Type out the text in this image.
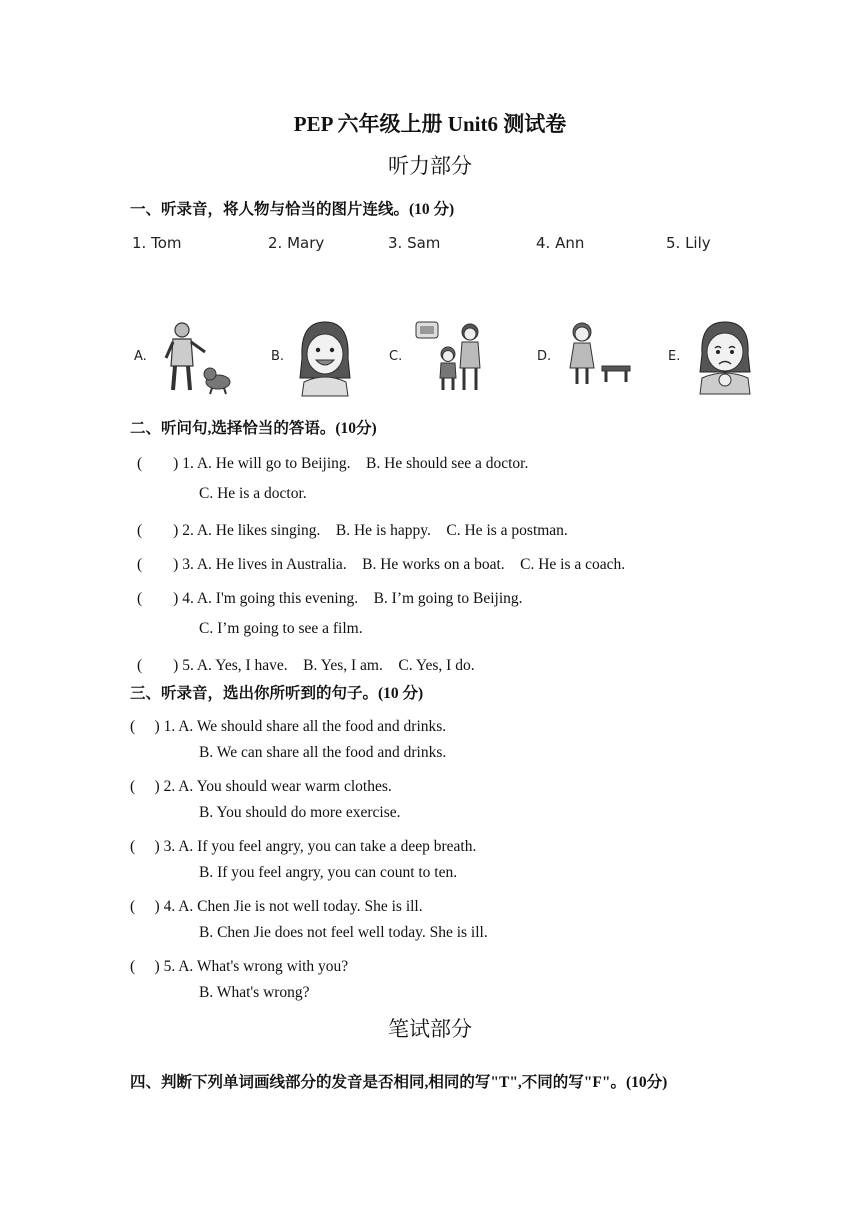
PEP 六年级上册 Unit6 测试卷
听力部分
一、听录音，将人物与恰当的图片连线。(10 分)
1. Tom	2. Mary	3. Sam	4. Ann	5. Lily
A.	B.	C.	D.	E.
二、听问句,选择恰当的答语。(10分)
(　　) 1. A. He will go to Beijing.　B. He should see a doctor.
C. He is a doctor.
(　　) 2. A. He likes singing.　B. He is happy.　C. He is a postman.
(　　) 3. A. He lives in Australia.　B. He works on a boat.　C. He is a coach.
(　　) 4. A. I'm going this evening.　B. I’m going to Beijing.
C. I’m going to see a film.
(　　) 5. A. Yes, I have.　B. Yes, I am.　C. Yes, I do.
三、听录音，选出你所听到的句子。(10 分)
(　 ) 1. A. We should share all the food and drinks.
B. We can share all the food and drinks.
(　 ) 2. A. You should wear warm clothes.
B. You should do more exercise.
(　 ) 3. A. If you feel angry, you can take a deep breath.
B. If you feel angry, you can count to ten.
(　 ) 4. A. Chen Jie is not well today. She is ill.
B. Chen Jie does not feel well today. She is ill.
(　 ) 5. A. What's wrong with you?
B. What's wrong?
笔试部分
四、判断下列单词画线部分的发音是否相同,相同的写"T",不同的写"F"。(10分)
